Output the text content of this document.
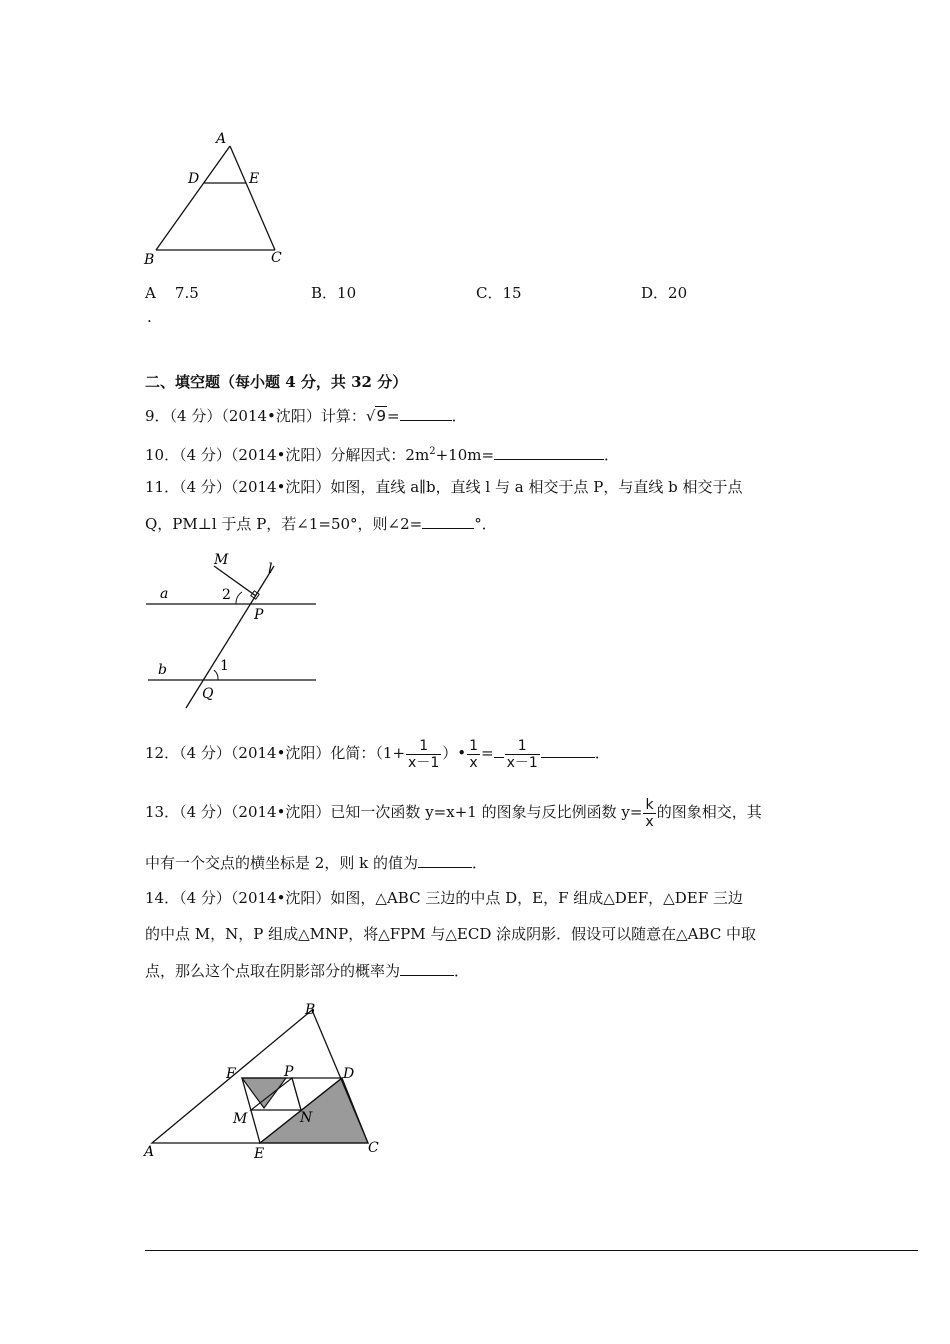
A
D	E
B	C
A 7.5
.
B．10	C．15	D．20
二、填空题（每小题 4 分，共 32 分）
9．（4 分）（2014•沈阳）计算：√9=	．
10．（4 分）（2014•沈阳）分解因式：$2m^2+10m=$	．
11．（4 分）（2014•沈阳）如图，直线 a∥b，直线 l 与 a 相交于点 P，与直线 b 相交于点
Q，PM⊥l 于点 P，若∠1=50°，则∠2=	°．
M
l
a	2
P
b	1
Q
12．（4 分）（2014•沈阳）化简：（$1+ \frac{1}{x-1}$ ）• $\frac{1}{x} = \frac{1}{x-1}$	．
13．（4 分）（2014•沈阳）已知一次函数 y=x+1 的图象与反比例函数 $y= \frac{k}{x}$ 的图象相交，其
中有一个交点的横坐标是 2，则 k 的值为	．
14．（4 分）（2014•沈阳）如图，△ABC 三边的中点 D，E，F 组成△DEF，△DEF 三边
的中点 M，N，P 组成△MNP，将△FPM 与△ECD 涂成阴影．假设可以随意在△ABC 中取
点，那么这个点取在阴影部分的概率为	．
B
F	P	D
M	N
A	E	C
